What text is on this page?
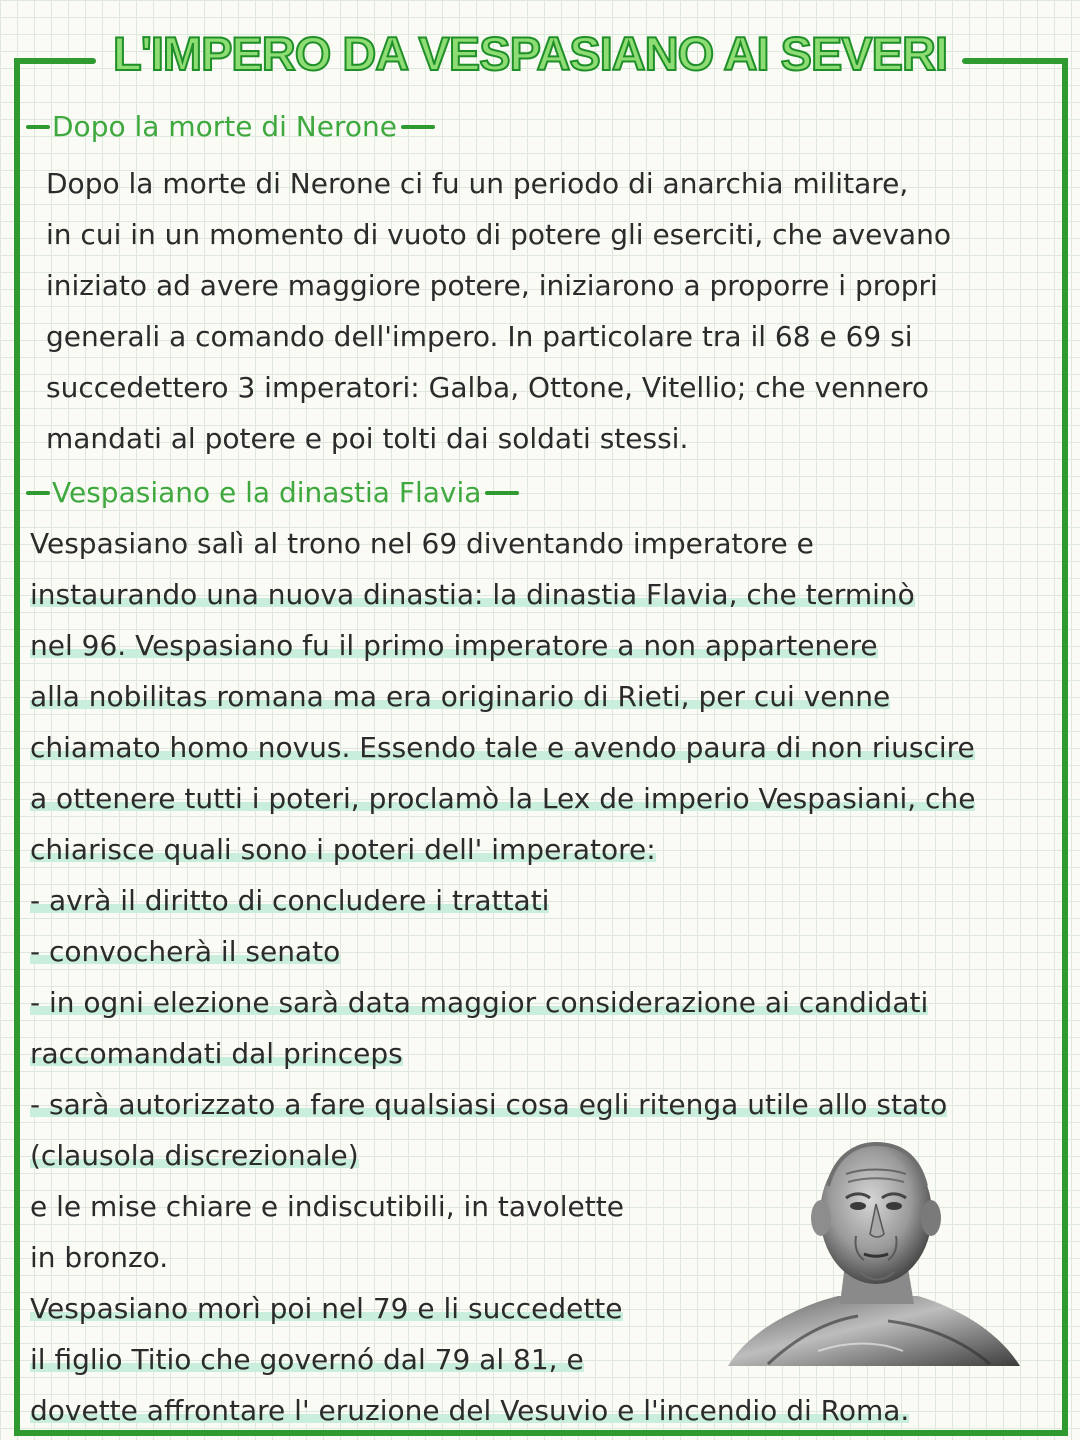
L'IMPERO DA VESPASIANO AI SEVERI
Dopo la morte di Nerone
Dopo la morte di Nerone ci fu un periodo di anarchia militare,
in cui in un momento di vuoto di potere gli eserciti, che avevano
iniziato ad avere maggiore potere, iniziarono a proporre i propri
generali a comando dell'impero. In particolare tra il 68 e 69 si
succedettero 3 imperatori: Galba, Ottone, Vitellio; che vennero
mandati al potere e poi tolti dai soldati stessi.
Vespasiano e la dinastia Flavia
Vespasiano salì al trono nel 69 diventando imperatore e
instaurando una nuova dinastia: la dinastia Flavia, che terminò
nel 96. Vespasiano fu il primo imperatore a non appartenere
alla nobilitas romana ma era originario di Rieti, per cui venne
chiamato homo novus. Essendo tale e avendo paura di non riuscire
a ottenere tutti i poteri, proclamò la Lex de imperio Vespasiani, che
chiarisce quali sono i poteri dell' imperatore:
- avrà il diritto di concludere i trattati
- convocherà il senato
- in ogni elezione sarà data maggior considerazione ai candidati
raccomandati dal princeps
- sarà autorizzato a fare qualsiasi cosa egli ritenga utile allo stato
(clausola discrezionale)
e le mise chiare e indiscutibili, in tavolette
in bronzo.
Vespasiano morì poi nel 79 e li succedette
il figlio Titio che governó dal 79 al 81, e
dovette affrontare l' eruzione del Vesuvio e l'incendio di Roma.
